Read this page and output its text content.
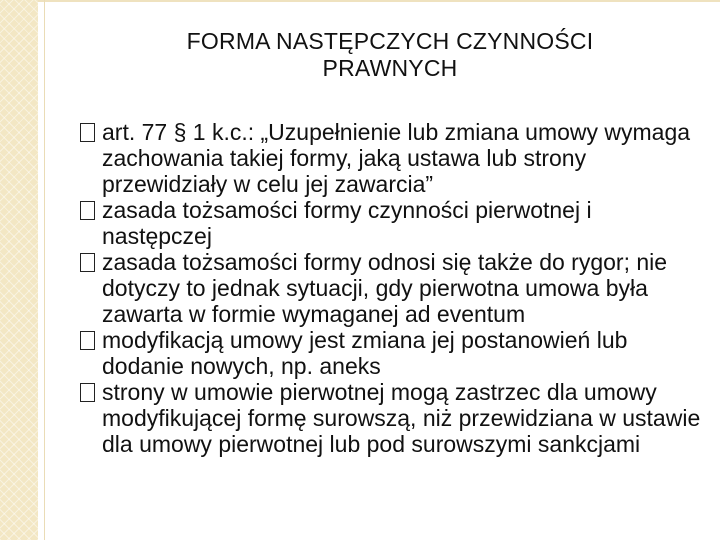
FORMA NASTĘPCZYCH CZYNNOŚCI PRAWNYCH
art. 77 § 1 k.c.: „Uzupełnienie lub zmiana umowy wymaga zachowania takiej formy, jaką ustawa lub strony przewidziały w celu jej zawarcia”
zasada tożsamości formy czynności pierwotnej i następczej
zasada tożsamości formy odnosi się także do rygor; nie dotyczy to jednak sytuacji, gdy pierwotna umowa była zawarta w formie wymaganej ad eventum
modyfikacją umowy jest zmiana jej postanowień lub dodanie nowych, np. aneks
strony w umowie pierwotnej mogą zastrzec dla umowy modyfikującej formę surowszą, niż przewidziana w ustawie dla umowy pierwotnej lub pod surowszymi sankcjami
